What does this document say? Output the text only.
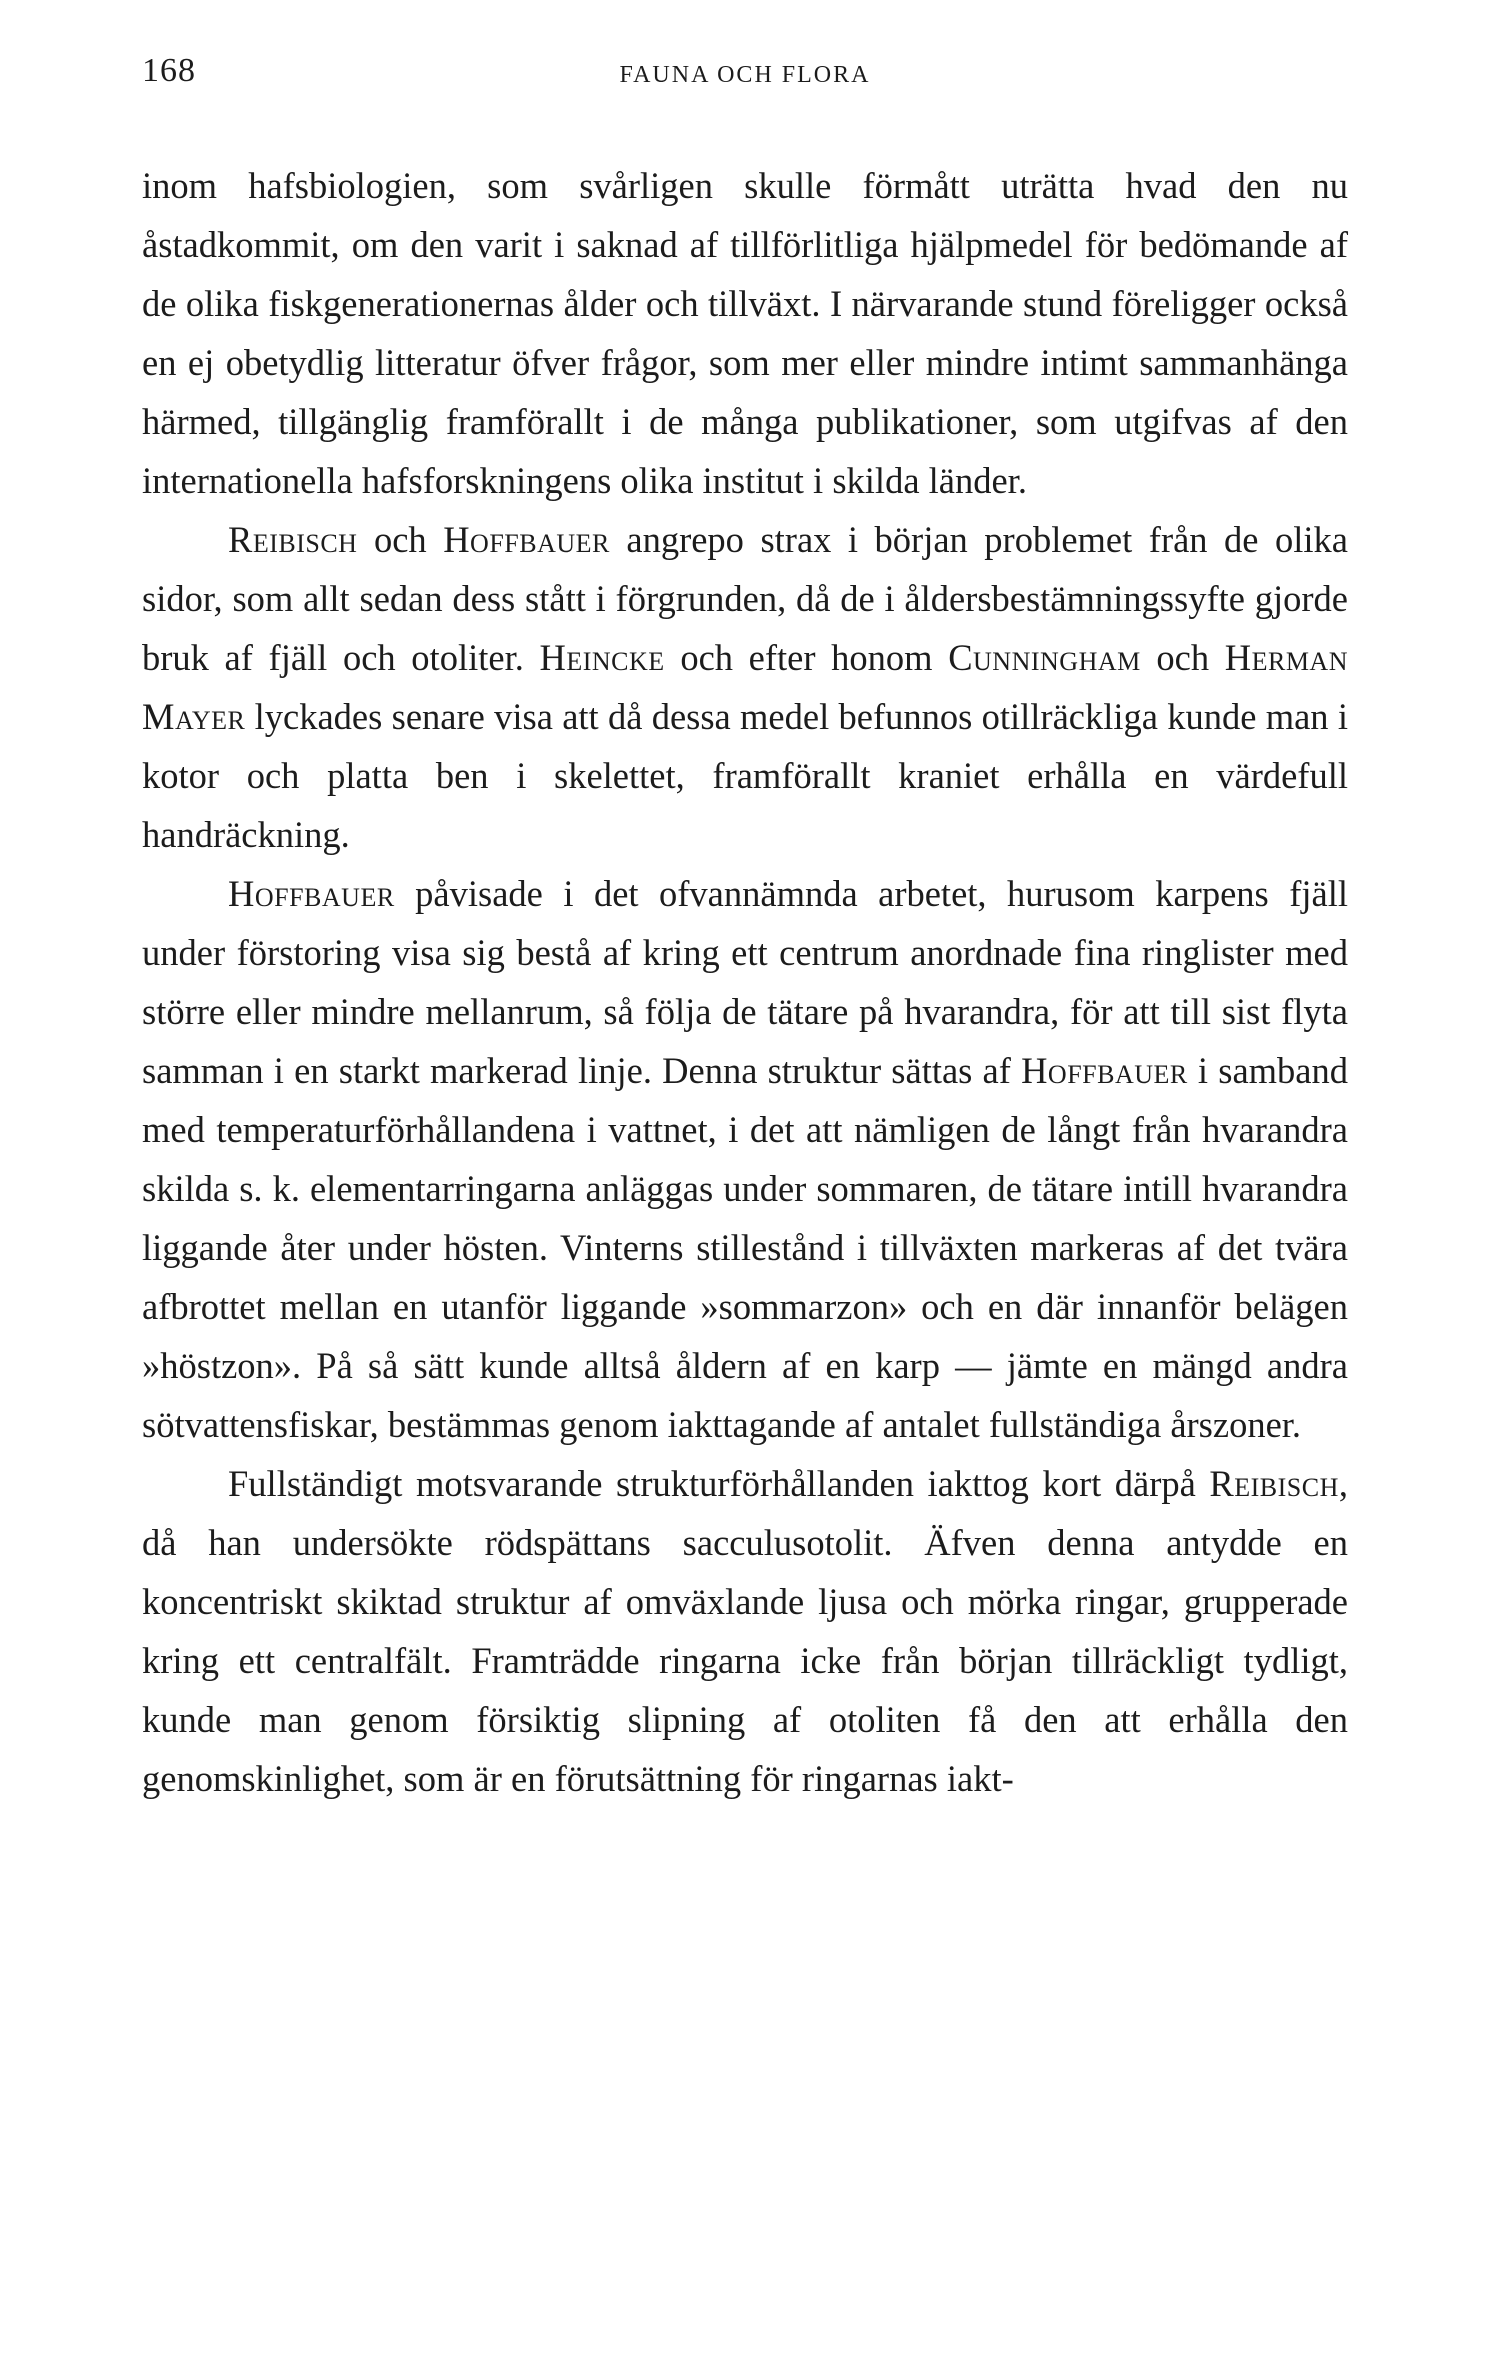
168	FAUNA OCH FLORA

inom hafsbiologien, som svårligen skulle förmått uträtta hvad den nu åstadkommit, om den varit i saknad af tillförlitliga hjälpmedel för bedömande af de olika fiskgenerationernas ålder och tillväxt. I närvarande stund föreligger också en ej obetydlig litteratur öfver frågor, som mer eller mindre intimt sammanhänga härmed, tillgänglig framförallt i de många publikationer, som utgifvas af den internationella hafsforskningens olika institut i skilda länder.

Reibisch och Hoffbauer angrepo strax i början problemet från de olika sidor, som allt sedan dess stått i förgrunden, då de i åldersbestämningssyfte gjorde bruk af fjäll och otoliter. Heincke och efter honom Cunningham och Herman Mayer lyckades senare visa att då dessa medel befunnos otillräckliga kunde man i kotor och platta ben i skelettet, framförallt kraniet erhålla en värdefull handräckning.

Hoffbauer påvisade i det ofvannämnda arbetet, hurusom karpens fjäll under förstoring visa sig bestå af kring ett centrum anordnade fina ringlister med större eller mindre mellanrum, så följa de tätare på hvarandra, för att till sist flyta samman i en starkt markerad linje. Denna struktur sättas af Hoffbauer i samband med temperaturförhållandena i vattnet, i det att nämligen de långt från hvarandra skilda s. k. elementarringarna anläggas under sommaren, de tätare intill hvarandra liggande åter under hösten. Vinterns stillestånd i tillväxten markeras af det tvära afbrottet mellan en utanför liggande »sommarzon» och en där innanför belägen »höstzon». På så sätt kunde alltså åldern af en karp — jämte en mängd andra sötvattensfiskar, bestämmas genom iakttagande af antalet fullständiga årszoner.

Fullständigt motsvarande strukturförhållanden iakttog kort därpå Reibisch, då han undersökte rödspättans sacculusotolit. Äfven denna antydde en koncentriskt skiktad struktur af omväxlande ljusa och mörka ringar, grupperade kring ett centralfält. Framträdde ringarna icke från början tillräckligt tydligt, kunde man genom försiktig slipning af otoliten få den att erhålla den genomskinlighet, som är en förutsättning för ringarnas iakt-
